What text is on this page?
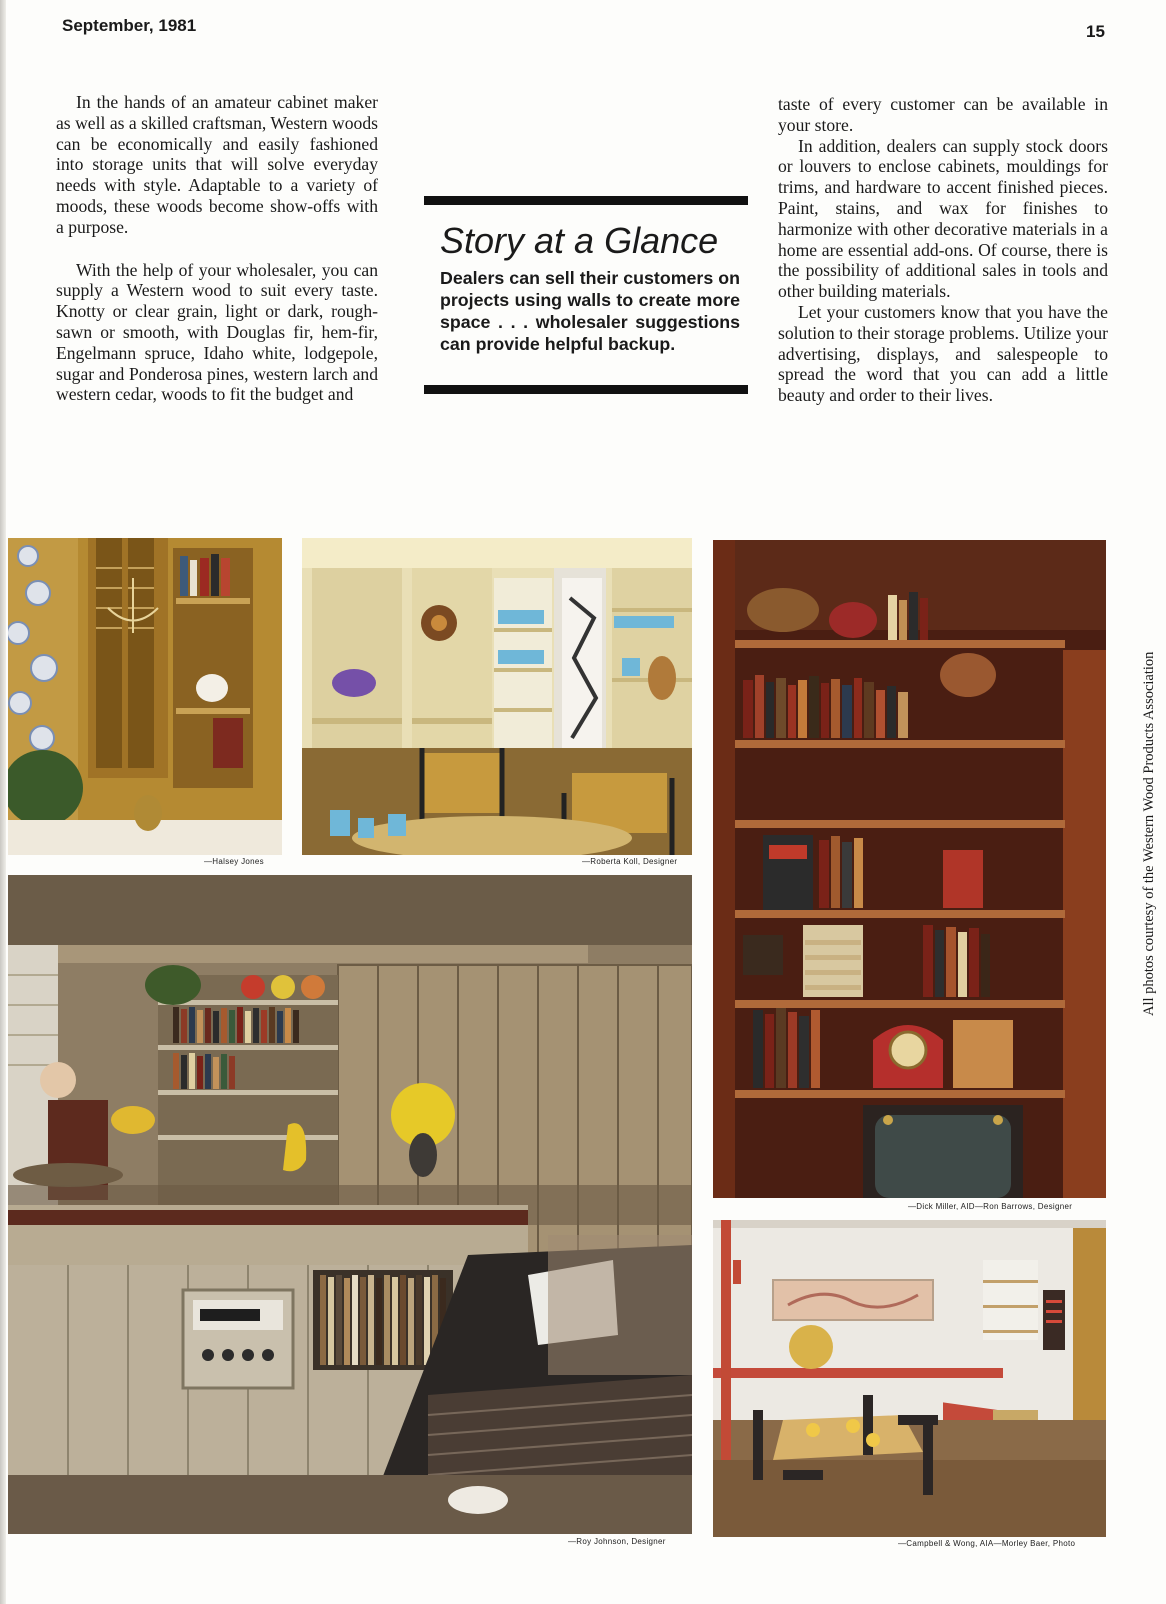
September, 1981	15

In the hands of an amateur cabinet maker as well as a skilled craftsman, Western woods can be economically and easily fashioned into storage units that will solve everyday needs with style. Adaptable to a variety of moods, these woods become show-offs with a purpose.

With the help of your wholesaler, you can supply a Western wood to suit every taste. Knotty or clear grain, light or dark, rough-sawn or smooth, with Douglas fir, hem-fir, Engelmann spruce, Idaho white, lodgepole, sugar and Ponderosa pines, western larch and western cedar, woods to fit the budget and

Story at a Glance

Dealers can sell their customers on projects using walls to create more space . . . wholesaler suggestions can provide helpful backup.

taste of every customer can be available in your store.

In addition, dealers can supply stock doors or louvers to enclose cabinets, mouldings for trims, and hardware to accent finished pieces. Paint, stains, and wax for finishes to harmonize with other decorative materials in a home are essential add-ons. Of course, there is the possibility of additional sales in tools and other building materials.

Let your customers know that you have the solution to their storage problems. Utilize your advertising, displays, and salespeople to spread the word that you can add a little beauty and order to their lives.

—Halsey Jones	—Roberta Koll, Designer
—Dick Miller, AID—Ron Barrows, Designer
—Roy Johnson, Designer	—Campbell & Wong, AIA—Morley Baer, Photo
All photos courtesy of the Western Wood Products Association
